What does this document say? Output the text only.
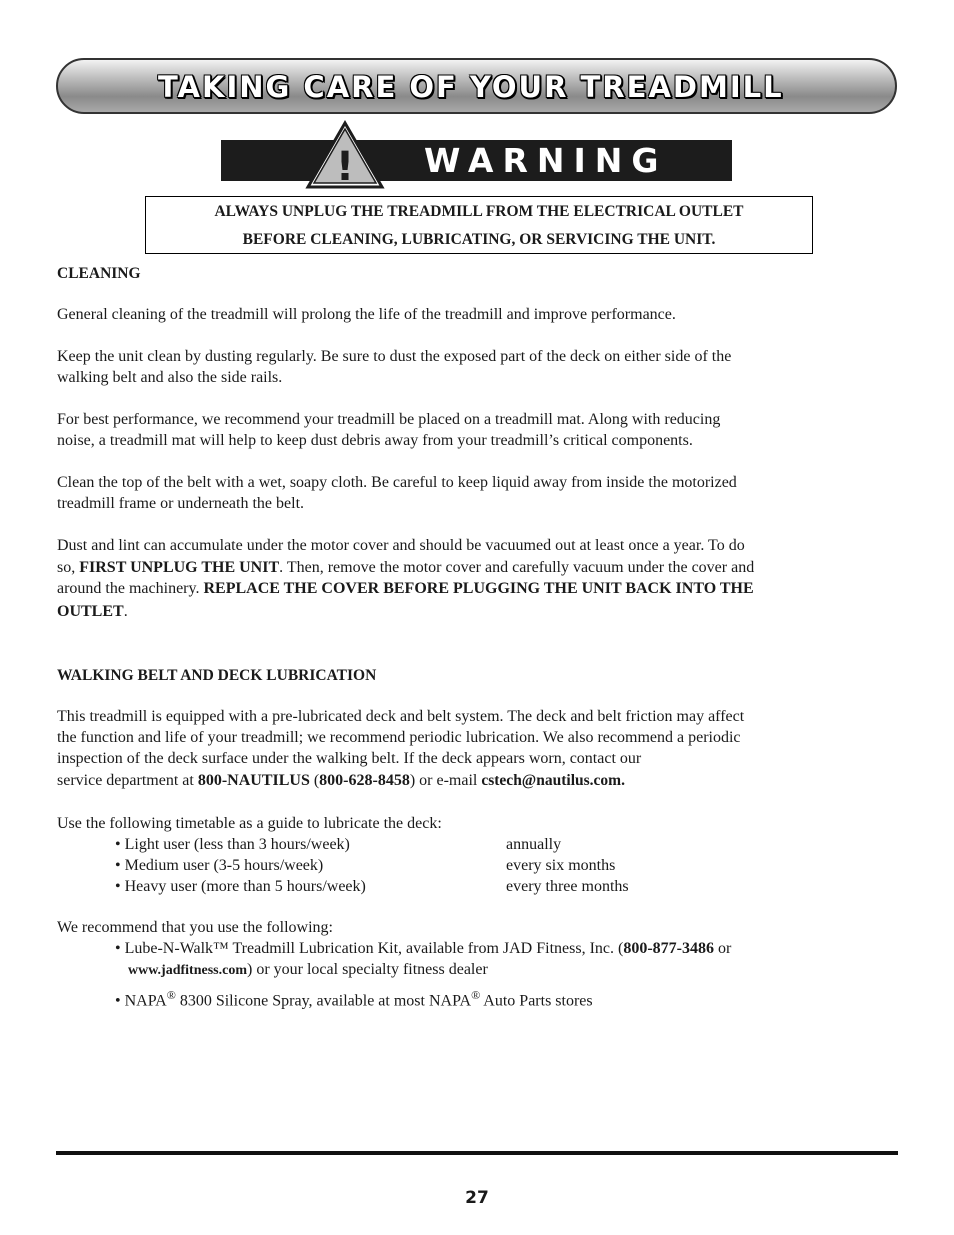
TAKING CARE OF YOUR TREADMILL
! WARNING
ALWAYS UNPLUG THE TREADMILL FROM THE ELECTRICAL OUTLET
BEFORE CLEANING, LUBRICATING, OR SERVICING THE UNIT.
CLEANING
General cleaning of the treadmill will prolong the life of the treadmill and improve performance.
Keep the unit clean by dusting regularly. Be sure to dust the exposed part of the deck on either side of the
walking belt and also the side rails.
For best performance, we recommend your treadmill be placed on a treadmill mat. Along with reducing
noise, a treadmill mat will help to keep dust debris away from your treadmill’s critical components.
Clean the top of the belt with a wet, soapy cloth. Be careful to keep liquid away from inside the motorized
treadmill frame or underneath the belt.
Dust and lint can accumulate under the motor cover and should be vacuumed out at least once a year. To do
so, FIRST UNPLUG THE UNIT. Then, remove the motor cover and carefully vacuum under the cover and
around the machinery. REPLACE THE COVER BEFORE PLUGGING THE UNIT BACK INTO THE
OUTLET.
WALKING BELT AND DECK LUBRICATION
This treadmill is equipped with a pre-lubricated deck and belt system. The deck and belt friction may affect
the function and life of your treadmill; we recommend periodic lubrication. We also recommend a periodic
inspection of the deck surface under the walking belt. If the deck appears worn, contact our
service department at 800-NAUTILUS (800-628-8458) or e-mail cstech@nautilus.com.
Use the following timetable as a guide to lubricate the deck:
• Light user (less than 3 hours/week)	annually
• Medium user (3-5 hours/week)	every six months
• Heavy user (more than 5 hours/week)	every three months
We recommend that you use the following:
• Lube-N-Walk™ Treadmill Lubrication Kit, available from JAD Fitness, Inc. (800-877-3486 or
www.jadfitness.com) or your local specialty fitness dealer
• NAPA® 8300 Silicone Spray, available at most NAPA® Auto Parts stores
27
